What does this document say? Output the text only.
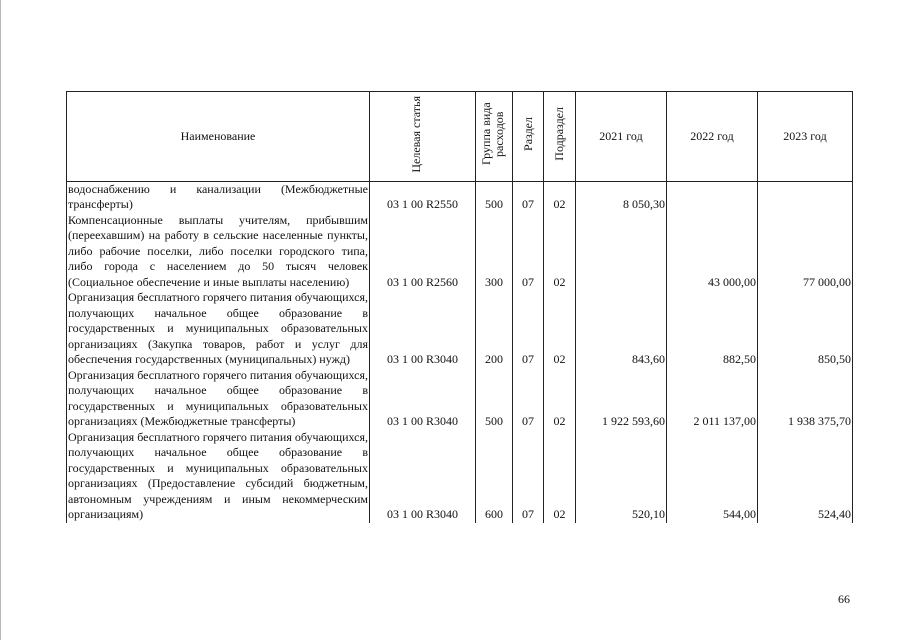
Наименование	Целевая статья	Группа вида расходов	Раздел	Подраздел	2021 год	2022 год	2023 год
водоснабжению и канализации (Межбюджетные трансферты)	03 1 00 R2550	500	07	02	8 050,30		
Компенсационные выплаты учителям, прибывшим (переехавшим) на работу в сельские населенные пункты, либо рабочие поселки, либо поселки городского типа, либо города с населением до 50 тысяч человек (Социальное обеспечение и иные выплаты населению)	03 1 00 R2560	300	07	02		43 000,00	77 000,00
Организация бесплатного горячего питания обучающихся, получающих начальное общее образование в государственных и муниципальных образовательных организациях (Закупка товаров, работ и услуг для обеспечения государственных (муниципальных) нужд)	03 1 00 R3040	200	07	02	843,60	882,50	850,50
Организация бесплатного горячего питания обучающихся, получающих начальное общее образование в государственных и муниципальных образовательных организациях (Межбюджетные трансферты)	03 1 00 R3040	500	07	02	1 922 593,60	2 011 137,00	1 938 375,70
Организация бесплатного горячего питания обучающихся, получающих начальное общее образование в государственных и муниципальных образовательных организациях (Предоставление субсидий бюджетным, автономным учреждениям и иным некоммерческим организациям)	03 1 00 R3040	600	07	02	520,10	544,00	524,40
66
